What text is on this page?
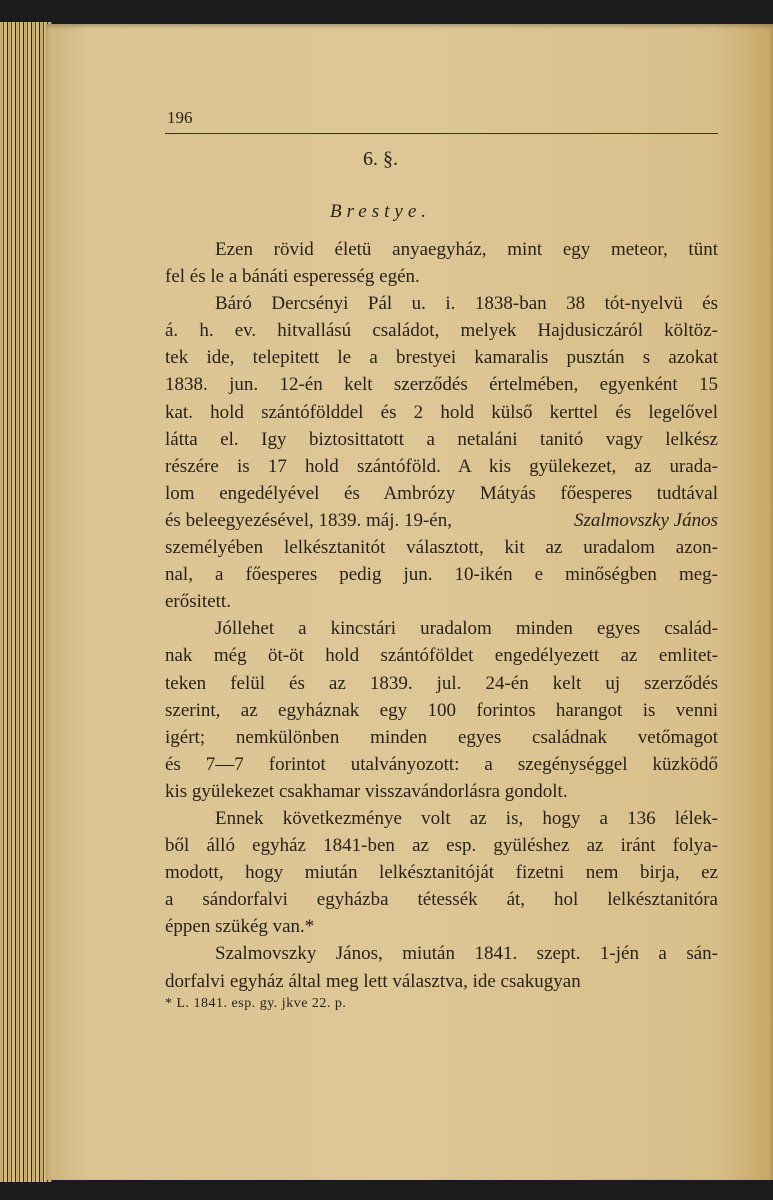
196
6. §.
Brestye.
Ezen rövid életü anyaegyház, mint egy meteor, tünt
fel és le a bánáti esperesség egén.
Báró Dercsényi Pál u. i. 1838-ban 38 tót-nyelvü és
á. h. ev. hitvallású családot, melyek Hajdusiczáról költöz-
tek ide, telepitett le a brestyei kamaralis pusztán s azokat
1838. jun. 12-én kelt szerződés értelmében, egyenként 15
kat. hold szántófölddel és 2 hold külső kerttel és legelővel
látta el. Igy biztosittatott a netaláni tanitó vagy lelkész
részére is 17 hold szántóföld. A kis gyülekezet, az urada-
lom engedélyével és Ambrózy Mátyás főesperes tudtával
és beleegyezésével, 1839. máj. 19-én,	Szalmovszky János
személyében lelkésztanitót választott, kit az uradalom azon-
nal, a főesperes pedig jun. 10-ikén e minőségben meg-
erősitett.
Jóllehet a kincstári uradalom minden egyes család-
nak még öt-öt hold szántóföldet engedélyezett az emlitet-
teken felül és az 1839. jul. 24-én kelt uj szerződés
szerint, az egyháznak egy 100 forintos harangot is venni
igért; nemkülönben minden egyes családnak vetőmagot
és 7—7 forintot utalványozott: a szegénységgel küzködő
kis gyülekezet csakhamar visszavándorlásra gondolt.
Ennek következménye volt az is, hogy a 136 lélek-
ből álló egyház 1841-ben az esp. gyüléshez az iránt folya-
modott, hogy miután lelkésztanitóját fizetni nem birja, ez
a sándorfalvi egyházba tétessék át, hol lelkésztanitóra
éppen szükég van.*
Szalmovszky János, miután 1841. szept. 1-jén a sán-
dorfalvi egyház által meg lett választva, ide csakugyan
* L. 1841. esp. gy. jkve 22. p.
